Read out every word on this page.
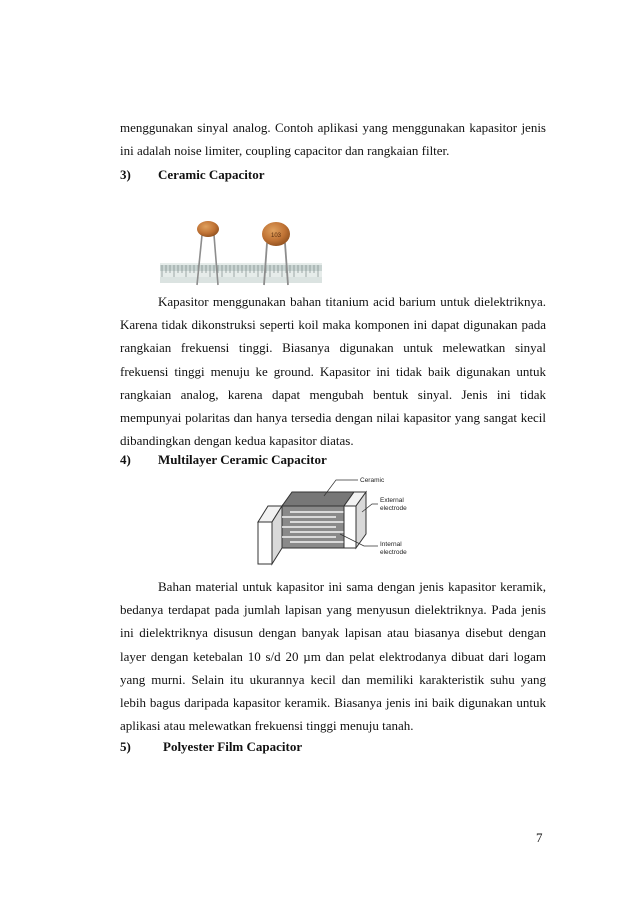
menggunakan sinyal analog. Contoh aplikasi yang menggunakan kapasitor jenis ini adalah noise limiter, coupling capacitor dan rangkaian filter.

3) Ceramic Capacitor
103

Kapasitor menggunakan bahan titanium acid barium untuk dielektriknya. Karena tidak dikonstruksi seperti koil maka komponen ini dapat digunakan pada rangkaian frekuensi tinggi. Biasanya digunakan untuk melewatkan sinyal frekuensi tinggi menuju ke ground. Kapasitor ini tidak baik digunakan untuk rangkaian analog, karena dapat mengubah bentuk sinyal. Jenis ini tidak mempunyai polaritas dan hanya tersedia dengan nilai kapasitor yang sangat kecil dibandingkan dengan kedua kapasitor diatas.

4) Multilayer Ceramic Capacitor
Ceramic
External
electrode
Internal
electrode

Bahan material untuk kapasitor ini sama dengan jenis kapasitor keramik, bedanya terdapat pada jumlah lapisan yang menyusun dielektriknya. Pada jenis ini dielektriknya disusun dengan banyak lapisan atau biasanya disebut dengan layer dengan ketebalan 10 s/d 20 µm dan pelat elektrodanya dibuat dari logam yang murni. Selain itu ukurannya kecil dan memiliki karakteristik suhu yang lebih bagus daripada kapasitor keramik. Biasanya jenis ini baik digunakan untuk aplikasi atau melewatkan frekuensi tinggi menuju tanah.

5) Polyester Film Capacitor
7
